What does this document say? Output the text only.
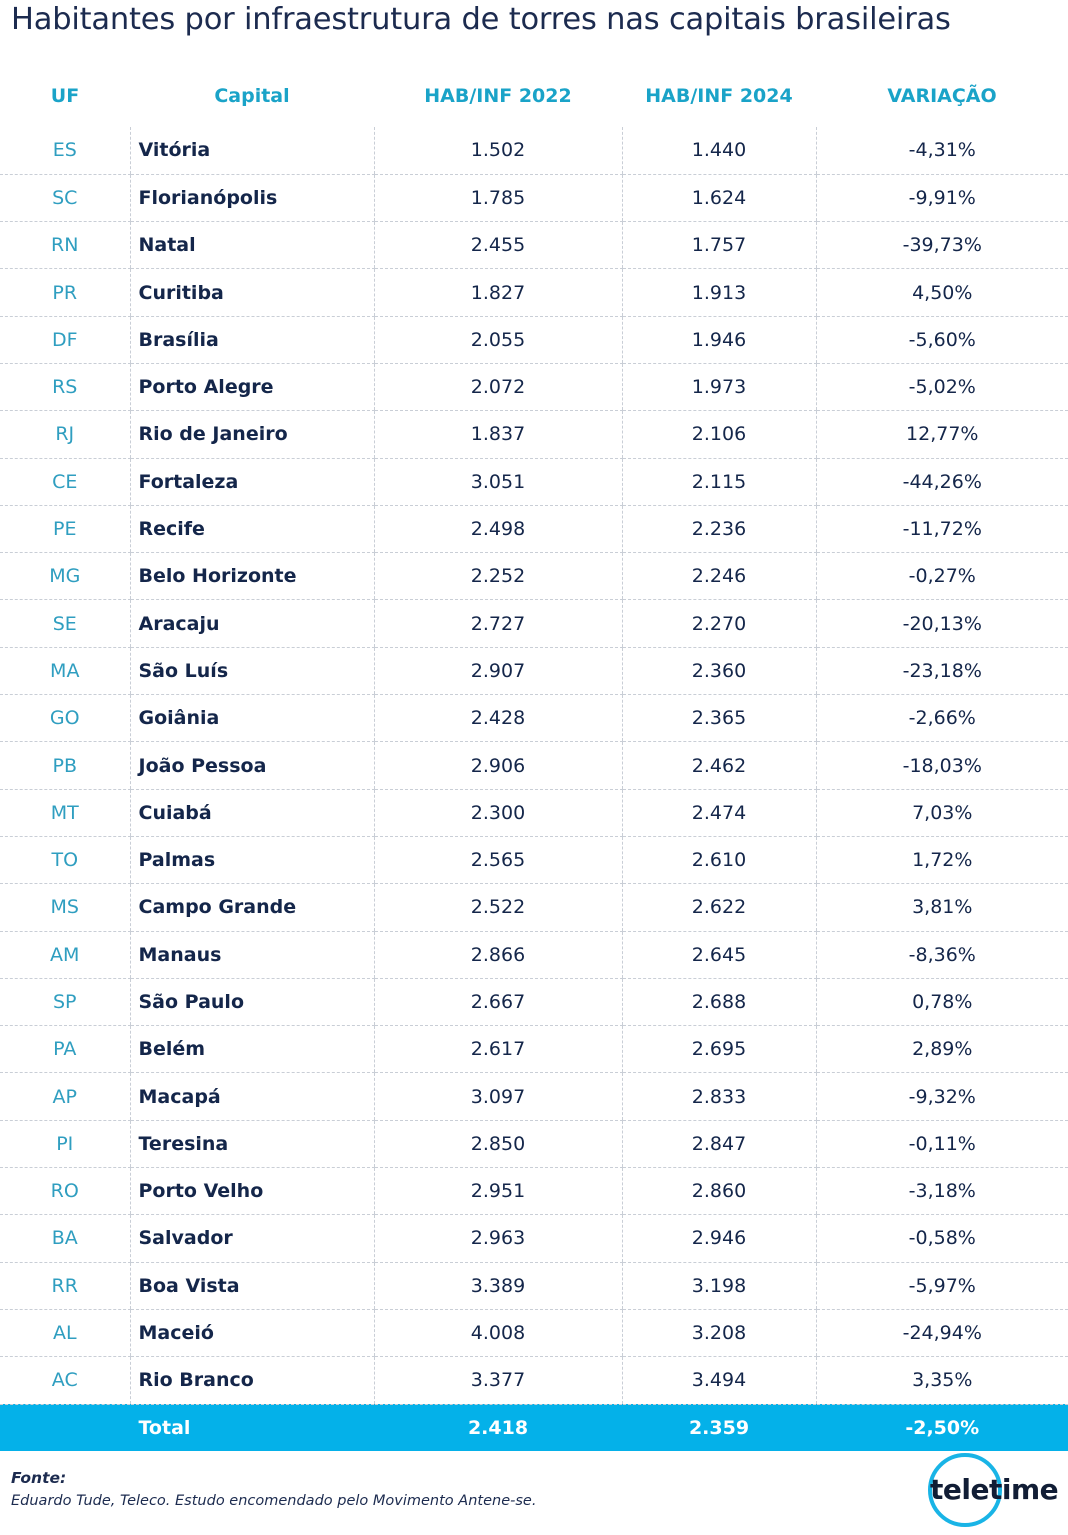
Habitantes por infraestrutura de torres nas capitais brasileiras
UF	Capital	HAB/INF 2022	HAB/INF 2024	VARIAÇÃO
ES	Vitória	1.502	1.440	-4,31%
SC	Florianópolis	1.785	1.624	-9,91%
RN	Natal	2.455	1.757	-39,73%
PR	Curitiba	1.827	1.913	4,50%
DF	Brasília	2.055	1.946	-5,60%
RS	Porto Alegre	2.072	1.973	-5,02%
RJ	Rio de Janeiro	1.837	2.106	12,77%
CE	Fortaleza	3.051	2.115	-44,26%
PE	Recife	2.498	2.236	-11,72%
MG	Belo Horizonte	2.252	2.246	-0,27%
SE	Aracaju	2.727	2.270	-20,13%
MA	São Luís	2.907	2.360	-23,18%
GO	Goiânia	2.428	2.365	-2,66%
PB	João Pessoa	2.906	2.462	-18,03%
MT	Cuiabá	2.300	2.474	7,03%
TO	Palmas	2.565	2.610	1,72%
MS	Campo Grande	2.522	2.622	3,81%
AM	Manaus	2.866	2.645	-8,36%
SP	São Paulo	2.667	2.688	0,78%
PA	Belém	2.617	2.695	2,89%
AP	Macapá	3.097	2.833	-9,32%
PI	Teresina	2.850	2.847	-0,11%
RO	Porto Velho	2.951	2.860	-3,18%
BA	Salvador	2.963	2.946	-0,58%
RR	Boa Vista	3.389	3.198	-5,97%
AL	Maceió	4.008	3.208	-24,94%
AC	Rio Branco	3.377	3.494	3,35%
	Total	2.418	2.359	-2,50%
Fonte:
Eduardo Tude, Teleco. Estudo encomendado pelo Movimento Antene-se.	teletime
